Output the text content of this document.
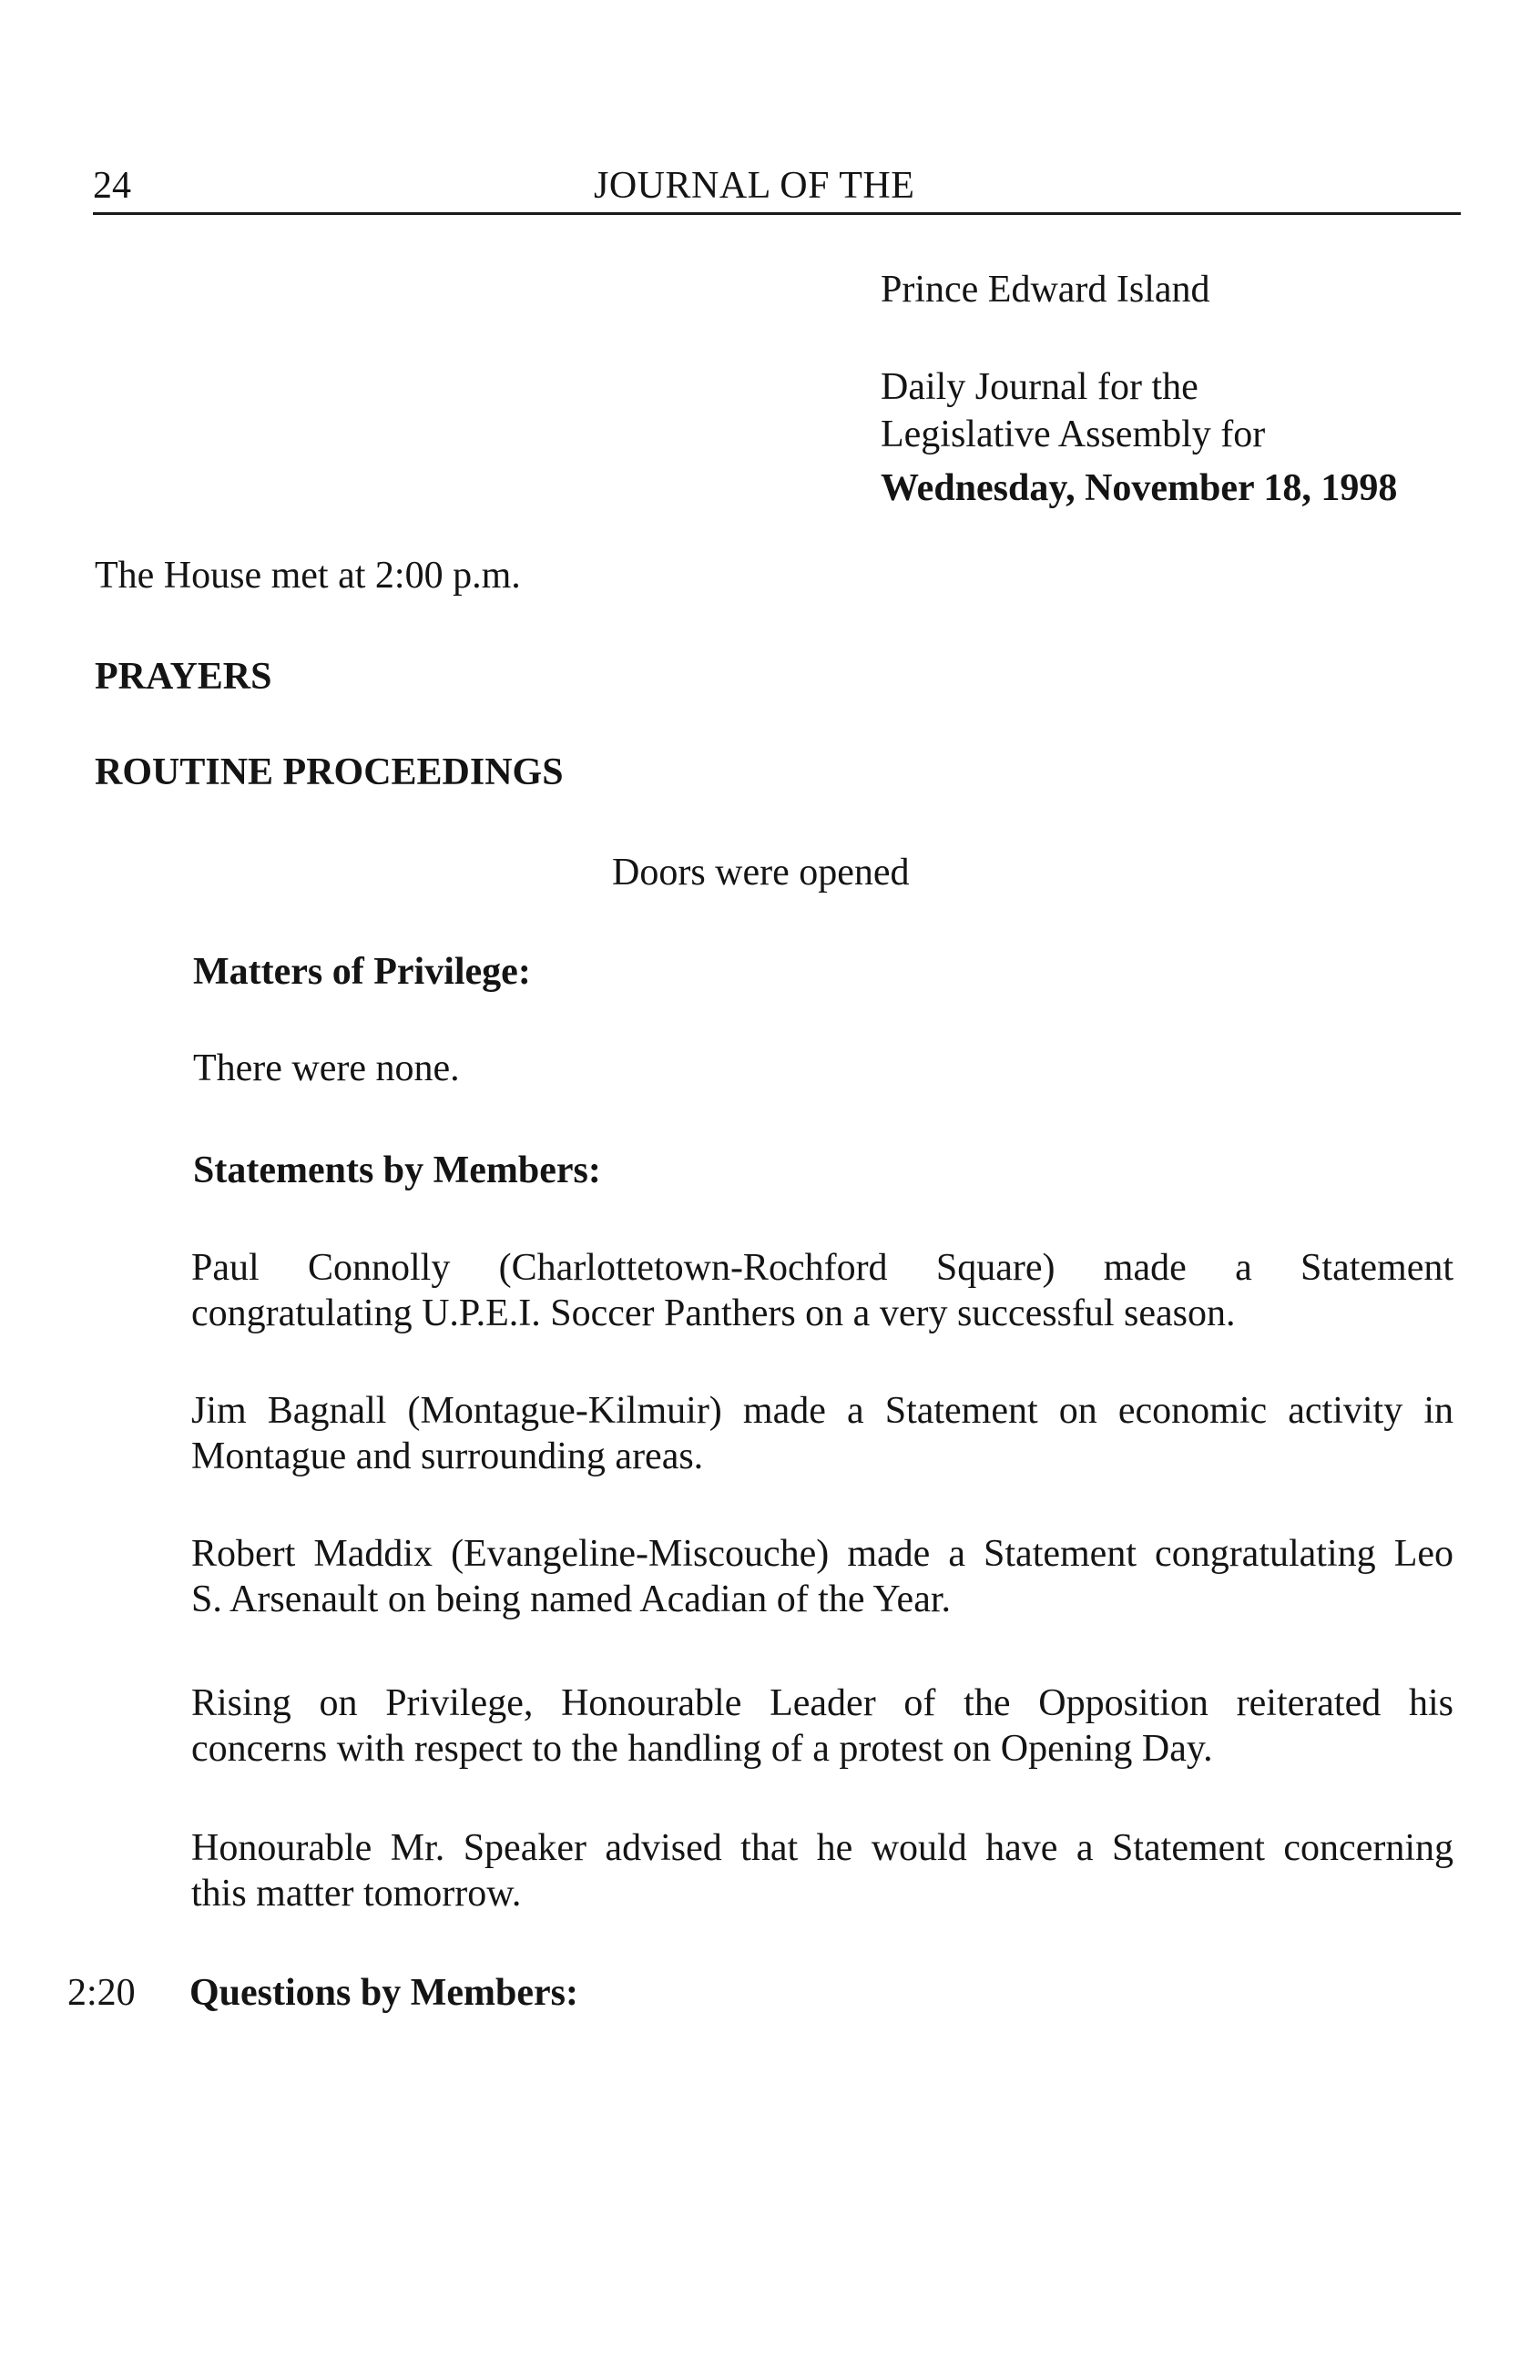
24	JOURNAL OF THE
Prince Edward Island
Daily Journal for the
Legislative Assembly for
Wednesday, November 18, 1998
The House met at 2:00 p.m.
PRAYERS
ROUTINE PROCEEDINGS
Doors were opened
Matters of Privilege:
There were none.
Statements by Members:
Paul Connolly (Charlottetown-Rochford Square) made a Statement
congratulating U.P.E.I. Soccer Panthers on a very successful season.
Jim Bagnall (Montague-Kilmuir) made a Statement on economic activity in
Montague and surrounding areas.
Robert Maddix (Evangeline-Miscouche) made a Statement congratulating Leo
S. Arsenault on being named Acadian of the Year.
Rising on Privilege, Honourable Leader of the Opposition reiterated his
concerns with respect to the handling of a protest on Opening Day.
Honourable Mr. Speaker advised that he would have a Statement concerning
this matter tomorrow.
2:20 Questions by Members:
